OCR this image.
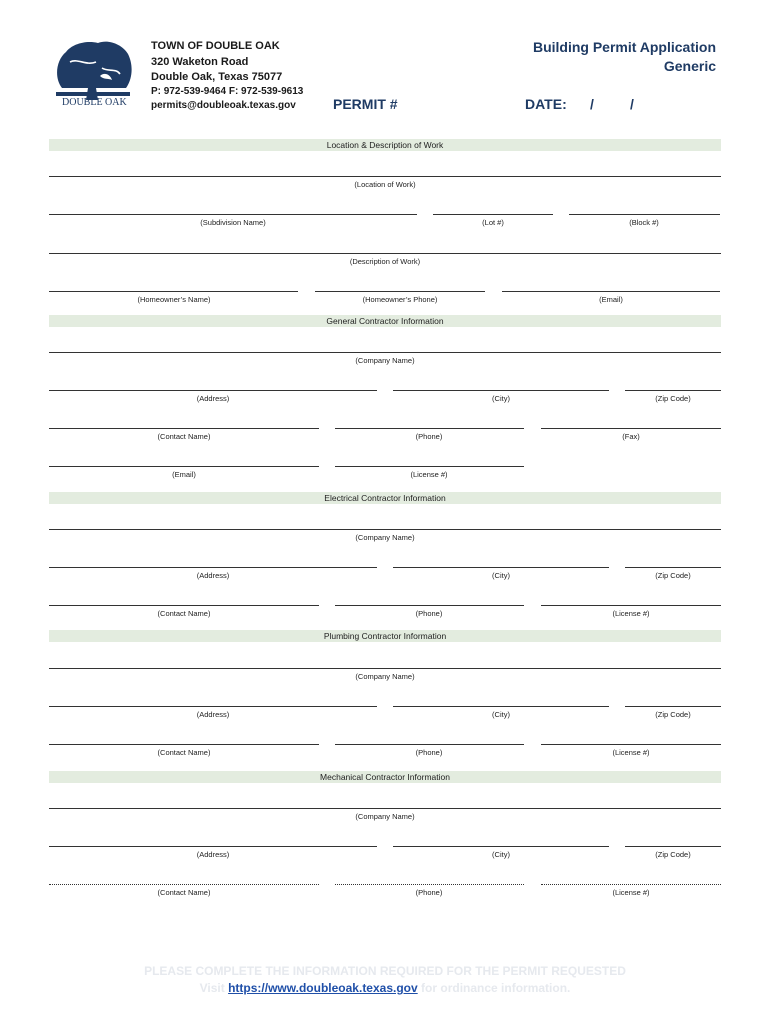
DOUBLE OAK
TOWN OF DOUBLE OAK
320 Waketon Road
Double Oak, Texas 75077
P: 972-539-9464 F: 972-539-9613
permits@doubleoak.texas.gov
Building Permit Application
Generic
PERMIT #	DATE: /	/
Location & Description of Work
(Location of Work)
(Subdivision Name)	(Lot #)	(Block #)
(Description of Work)
(Homeowner’s Name)	(Homeowner’s Phone)	(Email)
General Contractor Information
(Company Name)
(Address)	(City)	(Zip Code)
(Contact Name)	(Phone)	(Fax)
(Email)	(License #)
Electrical Contractor Information
(Company Name)
(Address)	(City)	(Zip Code)
(Contact Name)	(Phone)	(License #)
Plumbing Contractor Information
(Company Name)
(Address)	(City)	(Zip Code)
(Contact Name)	(Phone)	(License #)
Mechanical Contractor Information
(Company Name)
(Address)	(City)	(Zip Code)
(Contact Name)	(Phone)	(License #)
PLEASE COMPLETE THE INFORMATION REQUIRED FOR THE PERMIT REQUESTED
Visit https://www.doubleoak.texas.gov for ordinance information.
